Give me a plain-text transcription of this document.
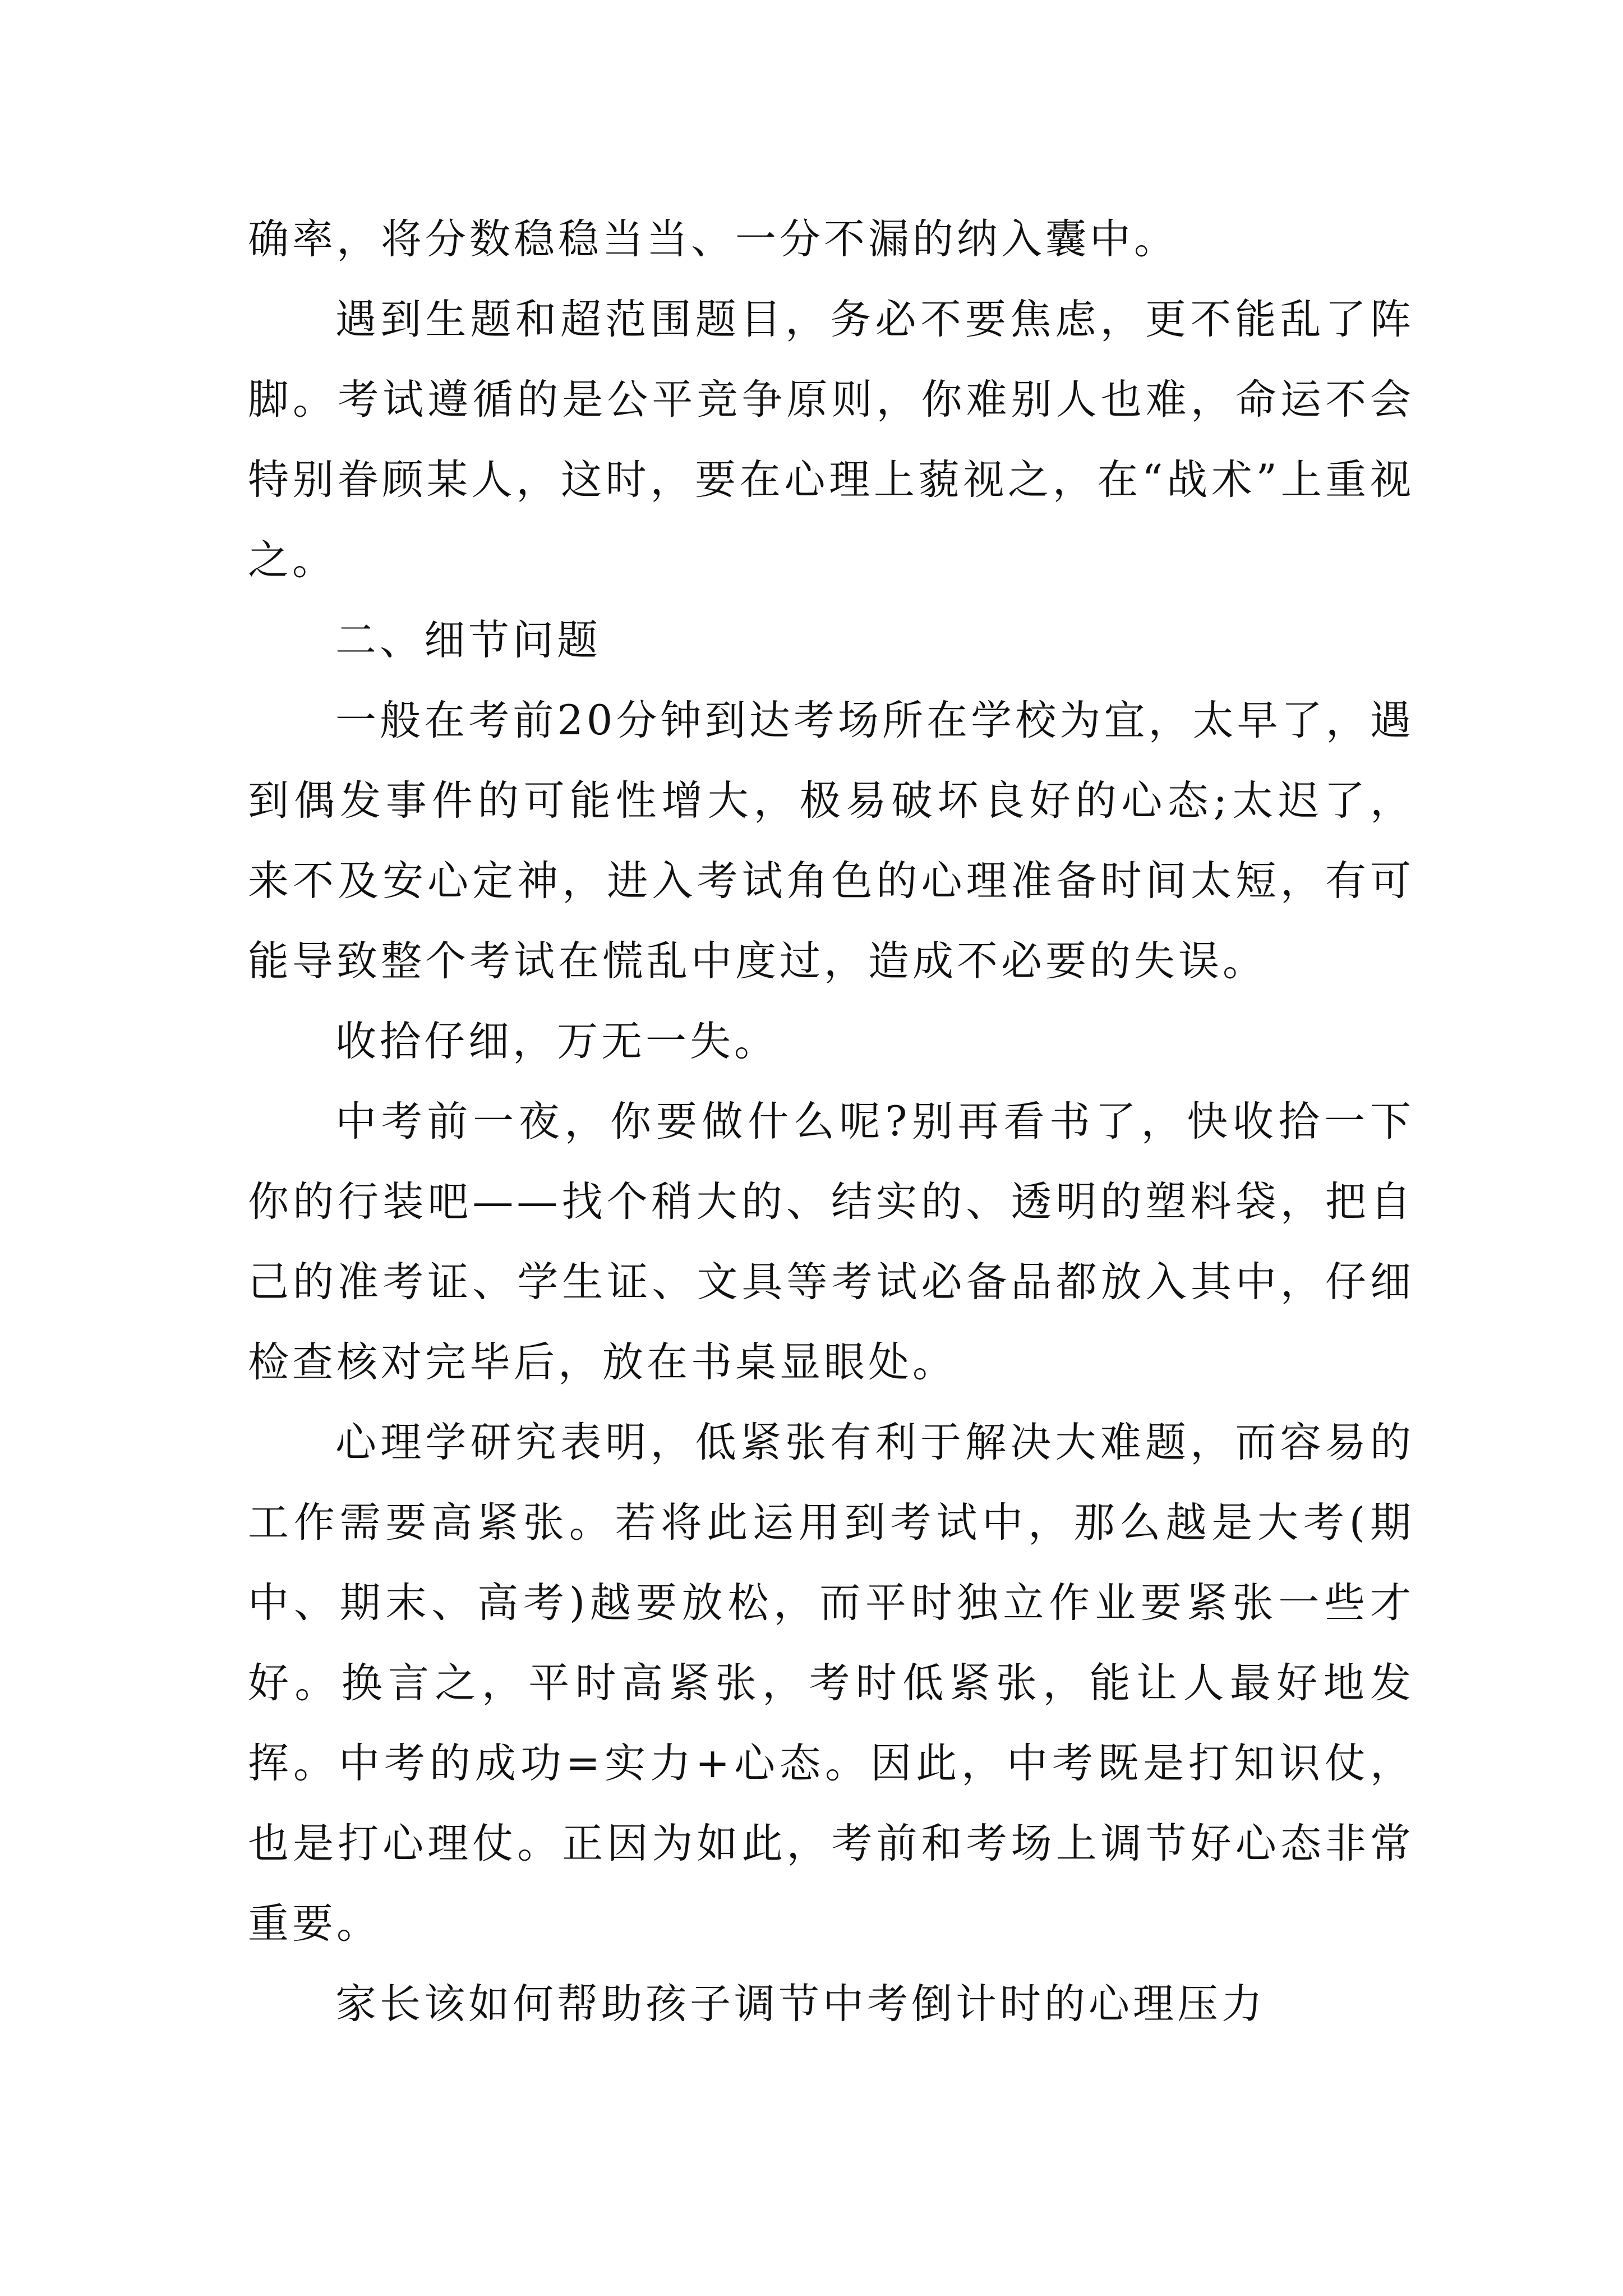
确率，将分数稳稳当当、一分不漏的纳入囊中。

遇到生题和超范围题目，务必不要焦虑，更不能乱了阵脚。考试遵循的是公平竞争原则，你难别人也难，命运不会特别眷顾某人，这时，要在心理上藐视之，在“战术”上重视之。

二、细节问题

一般在考前20分钟到达考场所在学校为宜，太早了，遇到偶发事件的可能性增大，极易破坏良好的心态;太迟了，来不及安心定神，进入考试角色的心理准备时间太短，有可能导致整个考试在慌乱中度过，造成不必要的失误。

收拾仔细，万无一失。

中考前一夜，你要做什么呢?别再看书了，快收拾一下你的行装吧——找个稍大的、结实的、透明的塑料袋，把自己的准考证、学生证、文具等考试必备品都放入其中，仔细检查核对完毕后，放在书桌显眼处。

心理学研究表明，低紧张有利于解决大难题，而容易的工作需要高紧张。若将此运用到考试中，那么越是大考(期中、期末、高考)越要放松，而平时独立作业要紧张一些才好。换言之，平时高紧张，考时低紧张，能让人最好地发挥。中考的成功=实力+心态。因此，中考既是打知识仗，也是打心理仗。正因为如此，考前和考场上调节好心态非常重要。

家长该如何帮助孩子调节中考倒计时的心理压力
